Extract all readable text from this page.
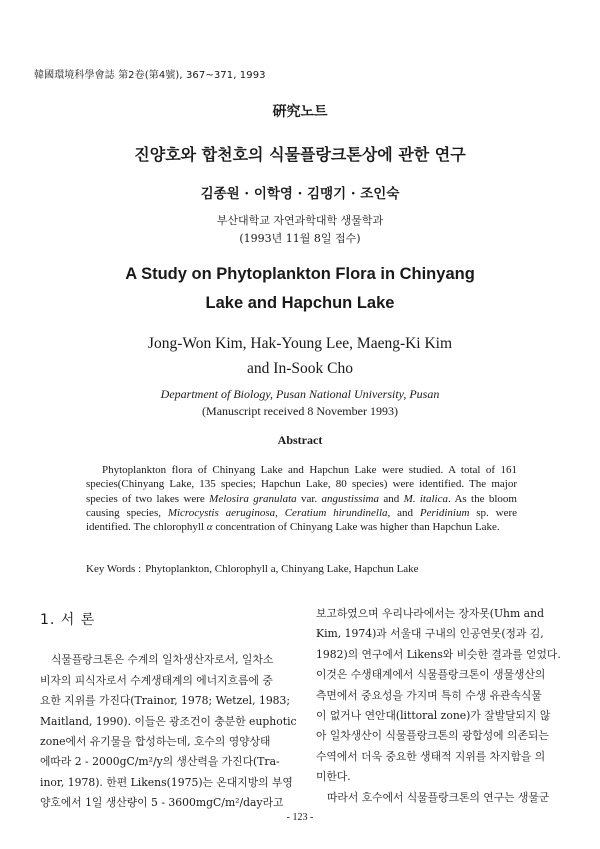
韓國環境科學會誌 第2卷(第4號), 367~371, 1993
硏究노트
진양호와 합천호의 식물플랑크톤상에 관한 연구
김종원 · 이학영 · 김맹기 · 조인숙
부산대학교 자연과학대학 생물학과
(1993년 11월 8일 접수)
A Study on Phytoplankton Flora in Chinyang
Lake and Hapchun Lake
Jong-Won Kim, Hak-Young Lee, Maeng-Ki Kim
and In-Sook Cho
Department of Biology, Pusan National University, Pusan
(Manuscript received 8 November 1993)
Abstract
Phytoplankton flora of Chinyang Lake and Hapchun Lake were studied. A total of 161 species(Chinyang Lake, 135 species; Hapchun Lake, 80 species) were identified. The major species of two lakes were Melosira granulata var. angustissima and M. italica. As the bloom causing species, Microcystis aeruginosa, Ceratium hirundinella, and Peridinium sp. were identified. The chlorophyll α concentration of Chinyang Lake was higher than Hapchun Lake.
Key Words : Phytoplankton, Chlorophyll a, Chinyang Lake, Hapchun Lake
1. 서 론
식물플랑크톤은 수계의 일차생산자로서, 일차소
비자의 피식자로서 수계생태계의 에너지흐름에 중
요한 지위를 가진다(Trainor, 1978; Wetzel, 1983;
Maitland, 1990). 이들은 광조건이 충분한 euphotic
zone에서 유기물을 합성하는데, 호수의 영양상태
에따라 2 - 2000gC/m²/y의 생산력을 가진다(Tra-
inor, 1978). 한편 Likens(1975)는 온대지방의 부영
양호에서 1일 생산량이 5 - 3600mgC/m²/day라고
보고하였으며 우리나라에서는 장자못(Uhm and
Kim, 1974)과 서울대 구내의 인공연못(정과 김,
1982)의 연구에서 Likens와 비슷한 결과를 얻었다.
이것은 수생태계에서 식물플랑크톤이 생물생산의
측면에서 중요성을 가지며 특히 수생 유관속식물
이 없거나 연안대(littoral zone)가 잘발달되지 않
아 일차생산이 식물플랑크톤의 광합성에 의존되는
수역에서 더욱 중요한 생태적 지위를 차지함을 의
미한다.
따라서 호수에서 식물플랑크톤의 연구는 생물군
- 123 -
